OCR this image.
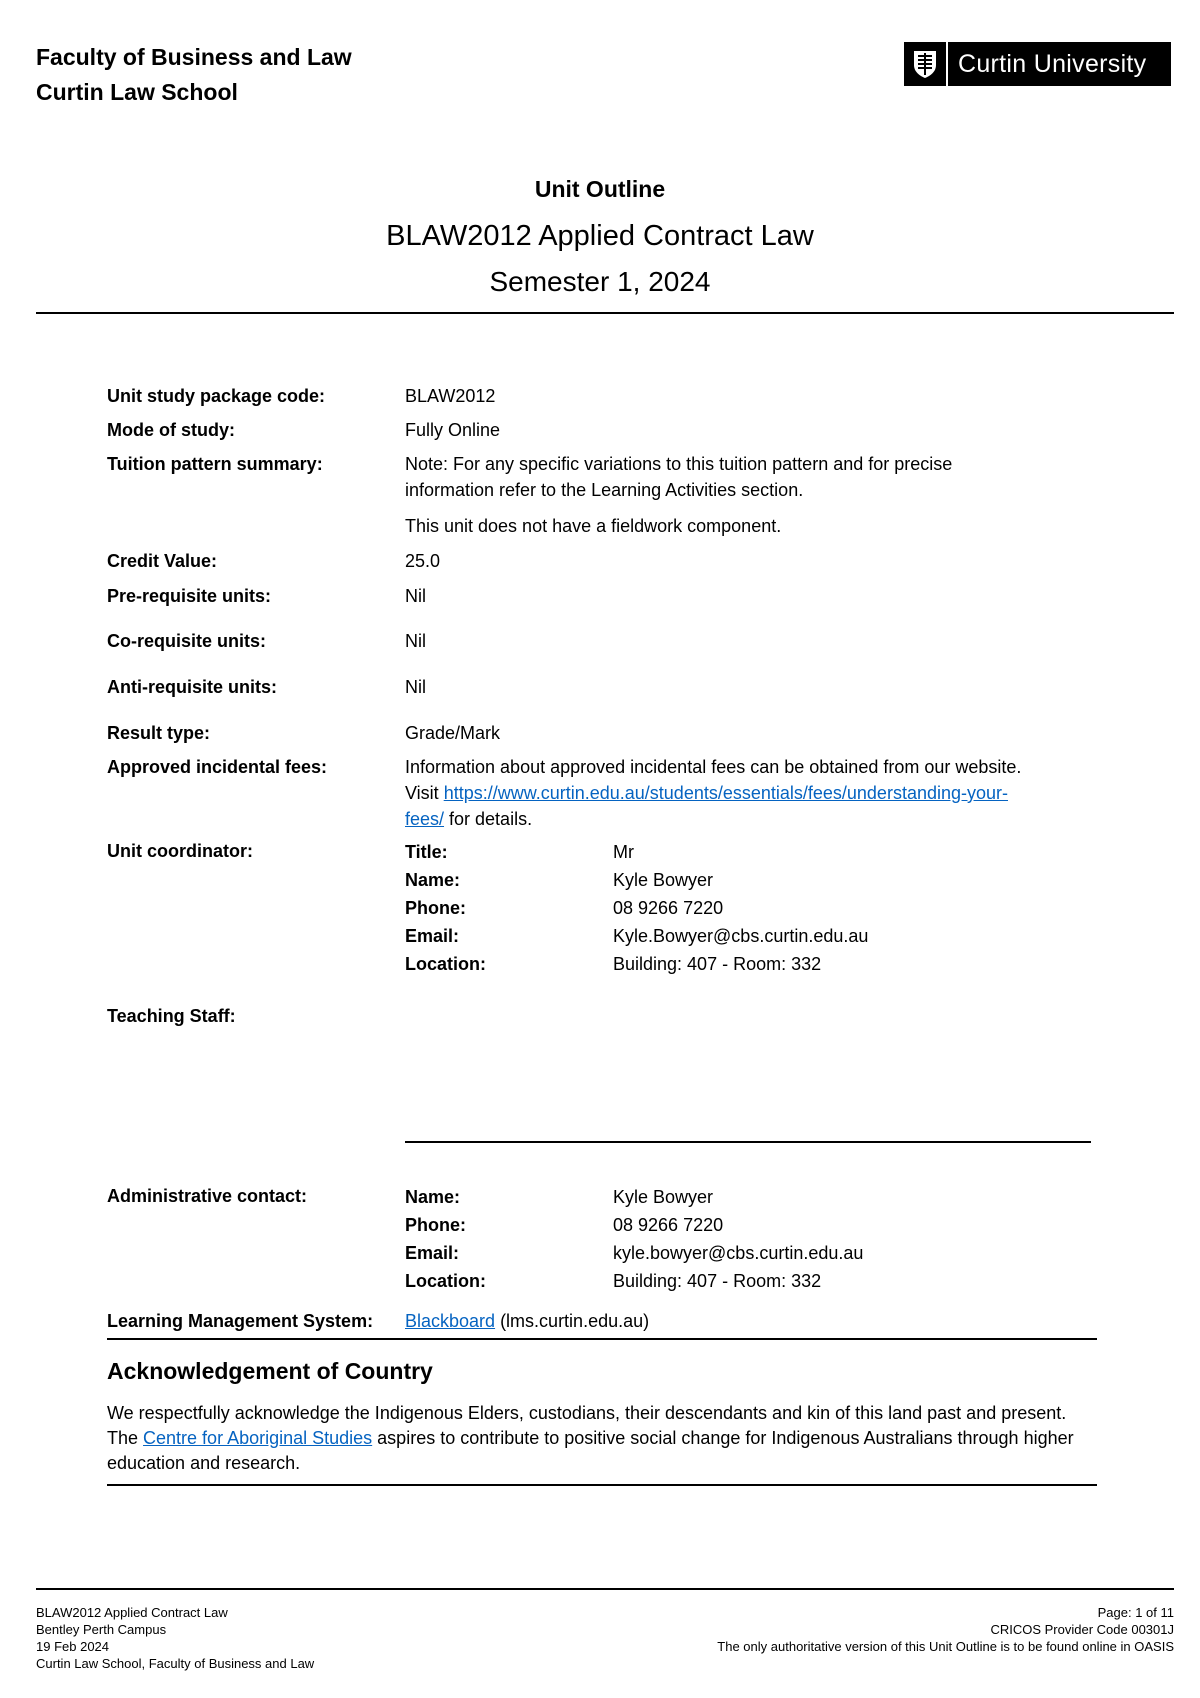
Faculty of Business and Law
Curtin Law School
Curtin University
Unit Outline
BLAW2012 Applied Contract Law
Semester 1, 2024
Unit study package code:	BLAW2012
Mode of study:	Fully Online
Tuition pattern summary:	Note: For any specific variations to this tuition pattern and for precise information refer to the Learning Activities section.
This unit does not have a fieldwork component.
Credit Value:	25.0
Pre-requisite units:	Nil
Co-requisite units:	Nil
Anti-requisite units:	Nil
Result type:	Grade/Mark
Approved incidental fees:	Information about approved incidental fees can be obtained from our website.
Visit https://www.curtin.edu.au/students/essentials/fees/understanding-your-
fees/ for details.
Unit coordinator:	Title:	Mr
Name:	Kyle Bowyer
Phone:	08 9266 7220
Email:	Kyle.Bowyer@cbs.curtin.edu.au
Location:	Building: 407 - Room: 332
Teaching Staff:
Administrative contact:	Name:	Kyle Bowyer
Phone:	08 9266 7220
Email:	kyle.bowyer@cbs.curtin.edu.au
Location:	Building: 407 - Room: 332
Learning Management System: Blackboard (lms.curtin.edu.au)
Acknowledgement of Country
We respectfully acknowledge the Indigenous Elders, custodians, their descendants and kin of this land past and present. The Centre for Aboriginal Studies aspires to contribute to positive social change for Indigenous Australians through higher education and research.
BLAW2012 Applied Contract Law
Bentley Perth Campus
19 Feb 2024
Curtin Law School, Faculty of Business and Law
Page: 1 of 11
CRICOS Provider Code 00301J
The only authoritative version of this Unit Outline is to be found online in OASIS
